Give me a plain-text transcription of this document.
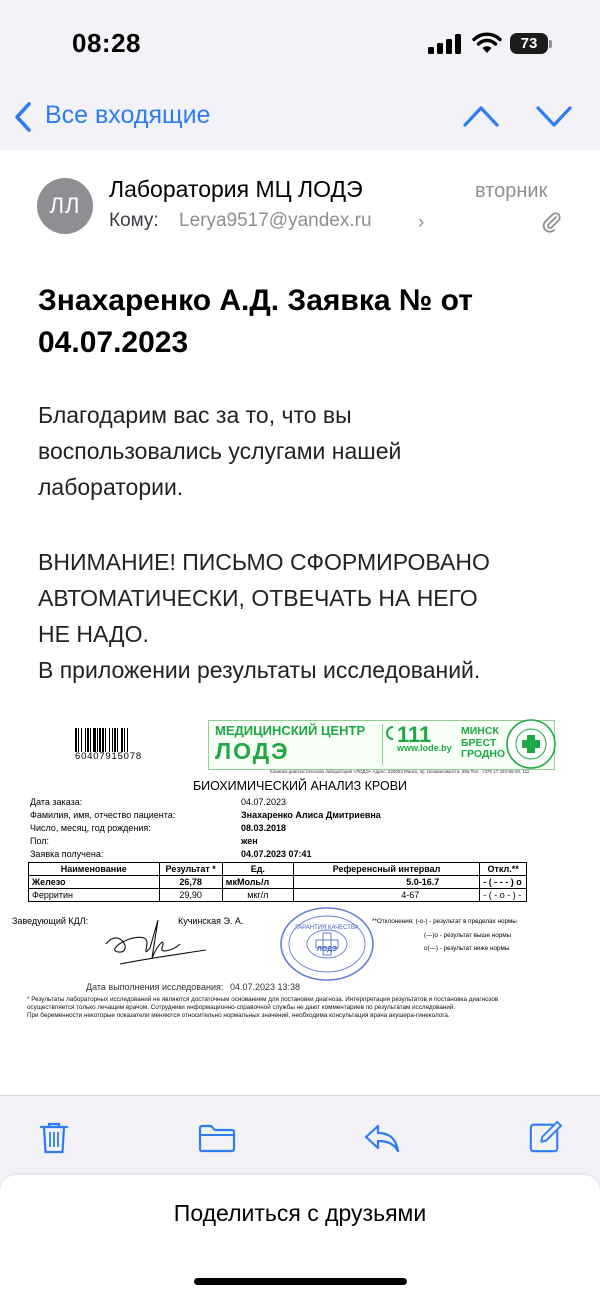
08:28	73
Все входящие
ЛЛ
Лаборатория МЦ ЛОДЭ	вторник
Кому: Lerya9517@yandex.ru ›
Знахаренко А.Д. Заявка № от
04.07.2023
Благодарим вас за то, что вы
воспользовались услугами нашей
лаборатории.
ВНИМАНИЕ! ПИСЬМО СФОРМИРОВАНО
АВТОМАТИЧЕСКИ, ОТВЕЧАТЬ НА НЕГО
НЕ НАДО.
В приложении результаты исследований.
60407915078
МЕДИЦИНСКИЙ ЦЕНТР
ЛОДЭ
111
www.lode.by
МИНСК
БРЕСТ
ГРОДНО
Клинико-диагностическая лаборатория «ЛОДЭ» Адрес: 220053 Минск, пр. Независимости, 58а Тел.: +375 17 293-66-00, 111
БИОХИМИЧЕСКИЙ АНАЛИЗ КРОВИ
Дата заказа:	04.07.2023
Фамилия, имя, отчество пациента:	Знахаренко Алиса Дмитриевна
Число, месяц, год рождения:	08.03.2018
Пол:	жен
Заявка получена:	04.07.2023 07:41
Наименование	Результат *	Ед.	Референсный интервал	Откл.**
Железо	26,78	мкМоль/л	5.0-16.7	- ( - - - ) о
Ферритин	29,90	мкг/л	4-67	- ( - о - ) -
Заведующий КДЛ:	Кучинская Э. А.
ГАРАНТИЯ КАЧЕСТВА
ЛОДЭ
**Отклонения: (-о-) - результат в пределах нормы
(---)о - результат выше нормы
о(---) - результат ниже нормы
Дата выполнения исследования: 04.07.2023 13:38
* Результаты лабораторных исследований не являются достаточным основанием для постановки диагноза. Интерпретация результатов и постановка диагнозов
осуществляется только лечащим врачом. Сотрудники информационно-справочной службы не дают комментариев по результатам исследований.
При беременности некоторые показатели меняются относительно нормальных значений, необходима консультация врача акушера-гинеколога.
Поделиться с друзьями
